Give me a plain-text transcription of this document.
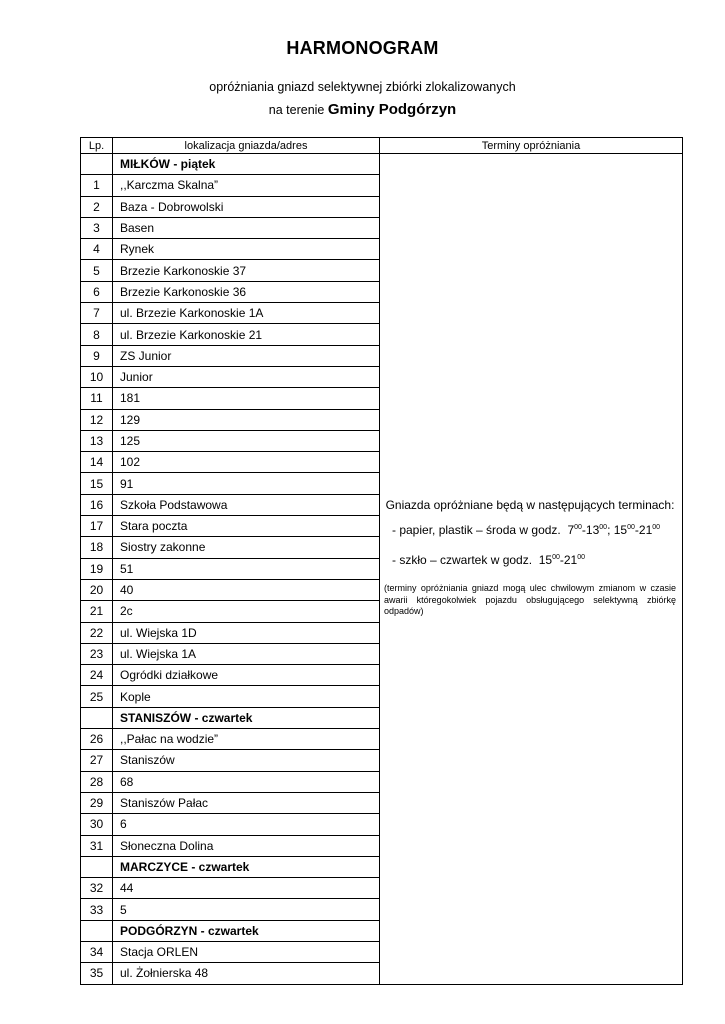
HARMONOGRAM
opróżniania gniazd selektywnej zbiórki zlokalizowanych
na terenie Gminy Podgórzyn
Lp.	lokalizacja gniazda/adres	Terminy opróżniania
	MIŁKÓW - piątek	Gniazda opróżniane będą w następujących terminach:
- papier, plastik – środa w godz. $7^{00}-13^{00}$; $15^{00}-21^{00}$
- szkło – czwartek w godz. $15^{00}-21^{00}$
(terminy opróżniania gniazd mogą ulec chwilowym zmianom w czasie awarii któregokolwiek pojazdu obsługującego selektywną zbiórkę odpadów)

1	,,Karczma Skalna”	
2	Baza - Dobrowolski	
3	Basen	
4	Rynek	
5	Brzezie Karkonoskie 37	
6	Brzezie Karkonoskie 36	
7	ul. Brzezie Karkonoskie 1A	
8	ul. Brzezie Karkonoskie 21	
9	ZS Junior	
10	Junior	
11	181	
12	129	
13	125	
14	102	
15	91	
16	Szkoła Podstawowa	
17	Stara poczta	
18	Siostry zakonne	
19	51	
20	40	
21	2c	
22	ul. Wiejska 1D	
23	ul. Wiejska 1A	
24	Ogródki działkowe	
25	Kople	
	STANISZÓW - czwartek	
26	,,Pałac na wodzie”	
27	Staniszów	
28	68	
29	Staniszów Pałac	
30	6	
31	Słoneczna Dolina	
	MARCZYCE - czwartek	
32	44	
33	5	
	PODGÓRZYN - czwartek	
34	Stacja ORLEN	
35	ul. Żołnierska 48	
